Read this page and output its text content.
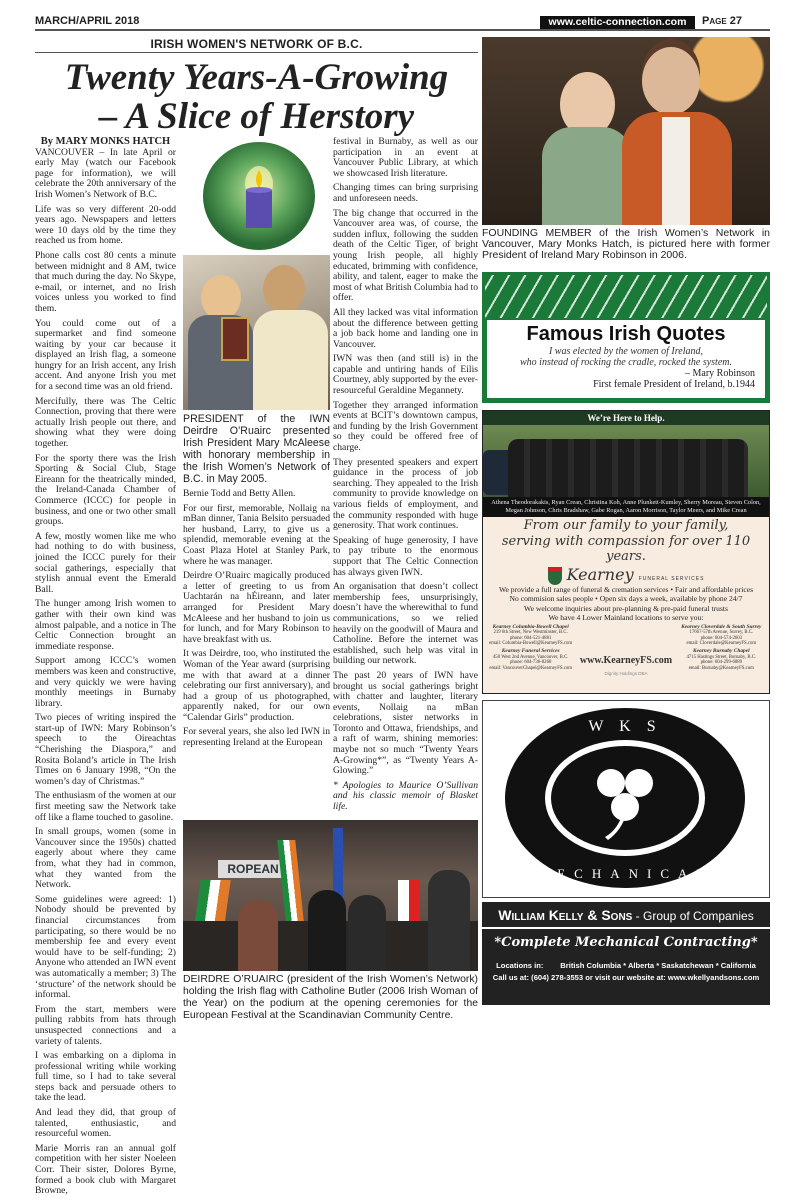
MARCH/APRIL 2018	www.celtic-connection.com	Page 27
IRISH WOMEN'S NETWORK OF B.C.
Twenty Years-A-Growing
– A Slice of Herstory

By MARY MONKS HATCH

VANCOUVER – In late April or early May (watch our Facebook page for information), we will celebrate the 20th anniversary of the Irish Women’s Network of B.C.

Life was so very different 20-odd years ago. Newspapers and letters were 10 days old by the time they reached us from home.

Phone calls cost 80 cents a minute between midnight and 8 AM, twice that much during the day. No Skype, e-mail, or internet, and no Irish voices unless you worked to find them.

You could come out of a supermarket and find someone waiting by your car because it displayed an Irish flag, a someone hungry for an Irish accent, any Irish accent. And anyone Irish you met for a second time was an old friend.

Mercifully, there was The Celtic Connection, proving that there were actually Irish people out there, and showing what they were doing together.

For the sporty there was the Irish Sporting & Social Club, Stage Eireann for the theatrically minded, the Ireland-Canada Chamber of Commerce (ICCC) for people in business, and one or two other small groups.

A few, mostly women like me who had nothing to do with business, joined the ICCC purely for their social gatherings, especially that stylish annual event the Emerald Ball.

The hunger among Irish women to gather with their own kind was almost palpable, and a notice in The Celtic Connection brought an immediate response.

Support among ICCC’s women members was keen and constructive, and very quickly we were having monthly meetings in Burnaby library.

Two pieces of writing inspired the start-up of IWN: Mary Robinson’s speech to the Oireachtas “Cherishing the Diaspora,” and Rosita Boland’s article in The Irish Times on 6 January 1998, “On the women’s day of Christmas.”

The enthusiasm of the women at our first meeting saw the Network take off like a flame touched to gasoline.

In small groups, women (some in Vancouver since the 1950s) chatted eagerly about where they came from, what they had in common, what they wanted from the Network.

Some guidelines were agreed: 1) Nobody should be prevented by financial circumstances from participating, so there would be no membership fee and every event would have to be self-funding; 2) Anyone who attended an IWN event was automatically a member; 3) The ‘structure’ of the network should be informal.

From the start, members were pulling rabbits from hats through unsuspected connections and a variety of talents.

I was embarking on a diploma in professional writing while working full time, so I had to take several steps back and persuade others to take the lead.

And lead they did, that group of talented, enthusiastic, and resourceful women.

Marie Morris ran an annual golf competition with her sister Noeleen Corr. Their sister, Dolores Byrne, formed a book club with Margaret Browne,

PRESIDENT of the IWN Deirdre O’Ruairc presented Irish President Mary McAleese with honorary membership in the Irish Women’s Network of B.C. in May 2005.

Bernie Todd and Betty Allen.

For our first, memorable, Nollaig na mBan dinner, Tania Belsito persuaded her husband, Larry, to give us a splendid, memorable evening at the Coast Plaza Hotel at Stanley Park, where he was manager.

Deirdre O’Ruairc magically produced a letter of greeting to us from Uachtarán na hÉireann, and later arranged for President Mary McAleese and her husband to join us for lunch, and for Mary Robinson to have breakfast with us.

It was Deirdre, too, who instituted the Woman of the Year award (surprising me with that award at a dinner celebrating our first anniversary), and had a group of us photographed, apparently naked, for our own “Calendar Girls” production.

For several years, she also led IWN in representing Ireland at the European

festival in Burnaby, as well as our participation in an event at Vancouver Public Library, at which we showcased Irish literature.

Changing times can bring surprising and unforeseen needs.

The big change that occurred in the Vancouver area was, of course, the sudden influx, following the sudden death of the Celtic Tiger, of bright young Irish people, all highly educated, brimming with confidence, ability, and talent, eager to make the most of what British Columbia had to offer.

All they lacked was vital information about the difference between getting a job back home and landing one in Vancouver.

IWN was then (and still is) in the capable and untiring hands of Eilis Courtney, ably supported by the ever-resourceful Geraldine Megannety.

Together they arranged information events at BCIT’s downtown campus, and funding by the Irish Government so they could be offered free of charge.

They presented speakers and expert guidance in the process of job searching. They appealed to the Irish community to provide knowledge on various fields of employment, and the community responded with huge generosity. That work continues.

Speaking of huge generosity, I have to pay tribute to the enormous support that The Celtic Connection has always given IWN.

An organisation that doesn’t collect membership fees, unsurprisingly, doesn’t have the wherewithal to fund communications, so we relied heavily on the goodwill of Maura and Catholine. Before the internet was established, such help was vital in building our network.

The past 20 years of IWN have brought us social gatherings bright with chatter and laughter, literary events, Nollaig na mBan celebrations, sister networks in Toronto and Ottawa, friendships, and a raft of warm, shining memories: maybe not so much “Twenty Years A-Growing*”, as “Twenty Years A-Glowing.”

* Apologies to Maurice O’Sullivan and his classic memoir of Blasket life.

ROPEAN
DEIRDRE O’RUAIRC (president of the Irish Women’s Network) holding the Irish flag with Catholine Butler (2006 Irish Woman of the Year) on the podium at the opening ceremonies for the European Festival at the Scandinavian Community Centre.
FOUNDING MEMBER of the Irish Women’s Network in Vancouver, Mary Monks Hatch, is pictured here with former President of Ireland Mary Robinson in 2006.
Famous Irish Quotes
I was elected by the women of Ireland,
who instead of rocking the cradle, rocked the system.
– Mary Robinson
First female President of Ireland, b.1944
We’re Here to Help.
Athena Theodorakakis, Ryan Crean, Christina Koh, Anne Plunkett-Kumley, Sherry Moreau, Steven Colon, Megan Johnson, Chris Bradshaw, Gabe Rogan, Aaron Morrison, Taylor Meers, and Mike Crean
From our family to your family,
serving with compassion for over 110 years.
Kearney FUNERAL SERVICES
We provide a full range of funeral & cremation services • Fair and affordable prices
No commision sales people • Open six days a week, available by phone 24/7
We welcome inquiries about pre-planning & pre-paid funeral trusts
We have 4 Lower Mainland locations to serve you:
Kearney Columbia-Bowell Chapel

219 6th Street, New Westminster, B.C.
phone: 604-521-4881
email: Columbia-Bowell@KearneyFS.com
Kearney Cloverdale & South Surrey

17667-57th Avenue, Surrey, B.C.
phone: 604-574-2603
email: Cloverdale@KearneyFS.com
Kearney Funeral Services

450 West 2nd Avenue, Vancouver, B.C.
phone: 604-736-8268
email: VancouverChapel@KearneyFS.com
www.KearneyFS.com
Kearney Burnaby Chapel

4715 Hastings Street, Burnaby, B.C.
phone: 604-299-6889
email: Burnaby@KearneyFS.com
Dignity Holdings DBA
W K S
MECHANICAL
William Kelly & Sons - Group of Companies
*Complete Mechanical Contracting*
Locations in:        British Columbia * Alberta * Saskatchewan * California
Call us at: (604) 278-3553 or visit our website at: www.wkellyandsons.com
